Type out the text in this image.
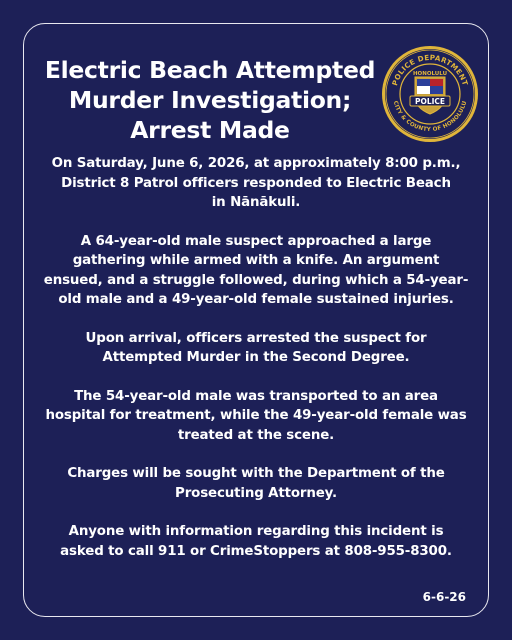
Electric Beach Attempted
Murder Investigation;
Arrest Made
POLICE DEPARTMENT
CITY & COUNTY OF HONOLULU
HONOLULU
POLICE

On Saturday, June 6, 2026, at approximately 8:00 p.m.,
District 8 Patrol officers responded to Electric Beach
in Nānākuli.

A 64-year-old male suspect approached a large
gathering while armed with a knife. An argument
ensued, and a struggle followed, during which a 54-year-
old male and a 49-year-old female sustained injuries.

Upon arrival, officers arrested the suspect for
Attempted Murder in the Second Degree.

The 54-year-old male was transported to an area
hospital for treatment, while the 49-year-old female was
treated at the scene.

Charges will be sought with the Department of the
Prosecuting Attorney.

Anyone with information regarding this incident is
asked to call 911 or CrimeStoppers at 808-955-8300.

6-6-26
